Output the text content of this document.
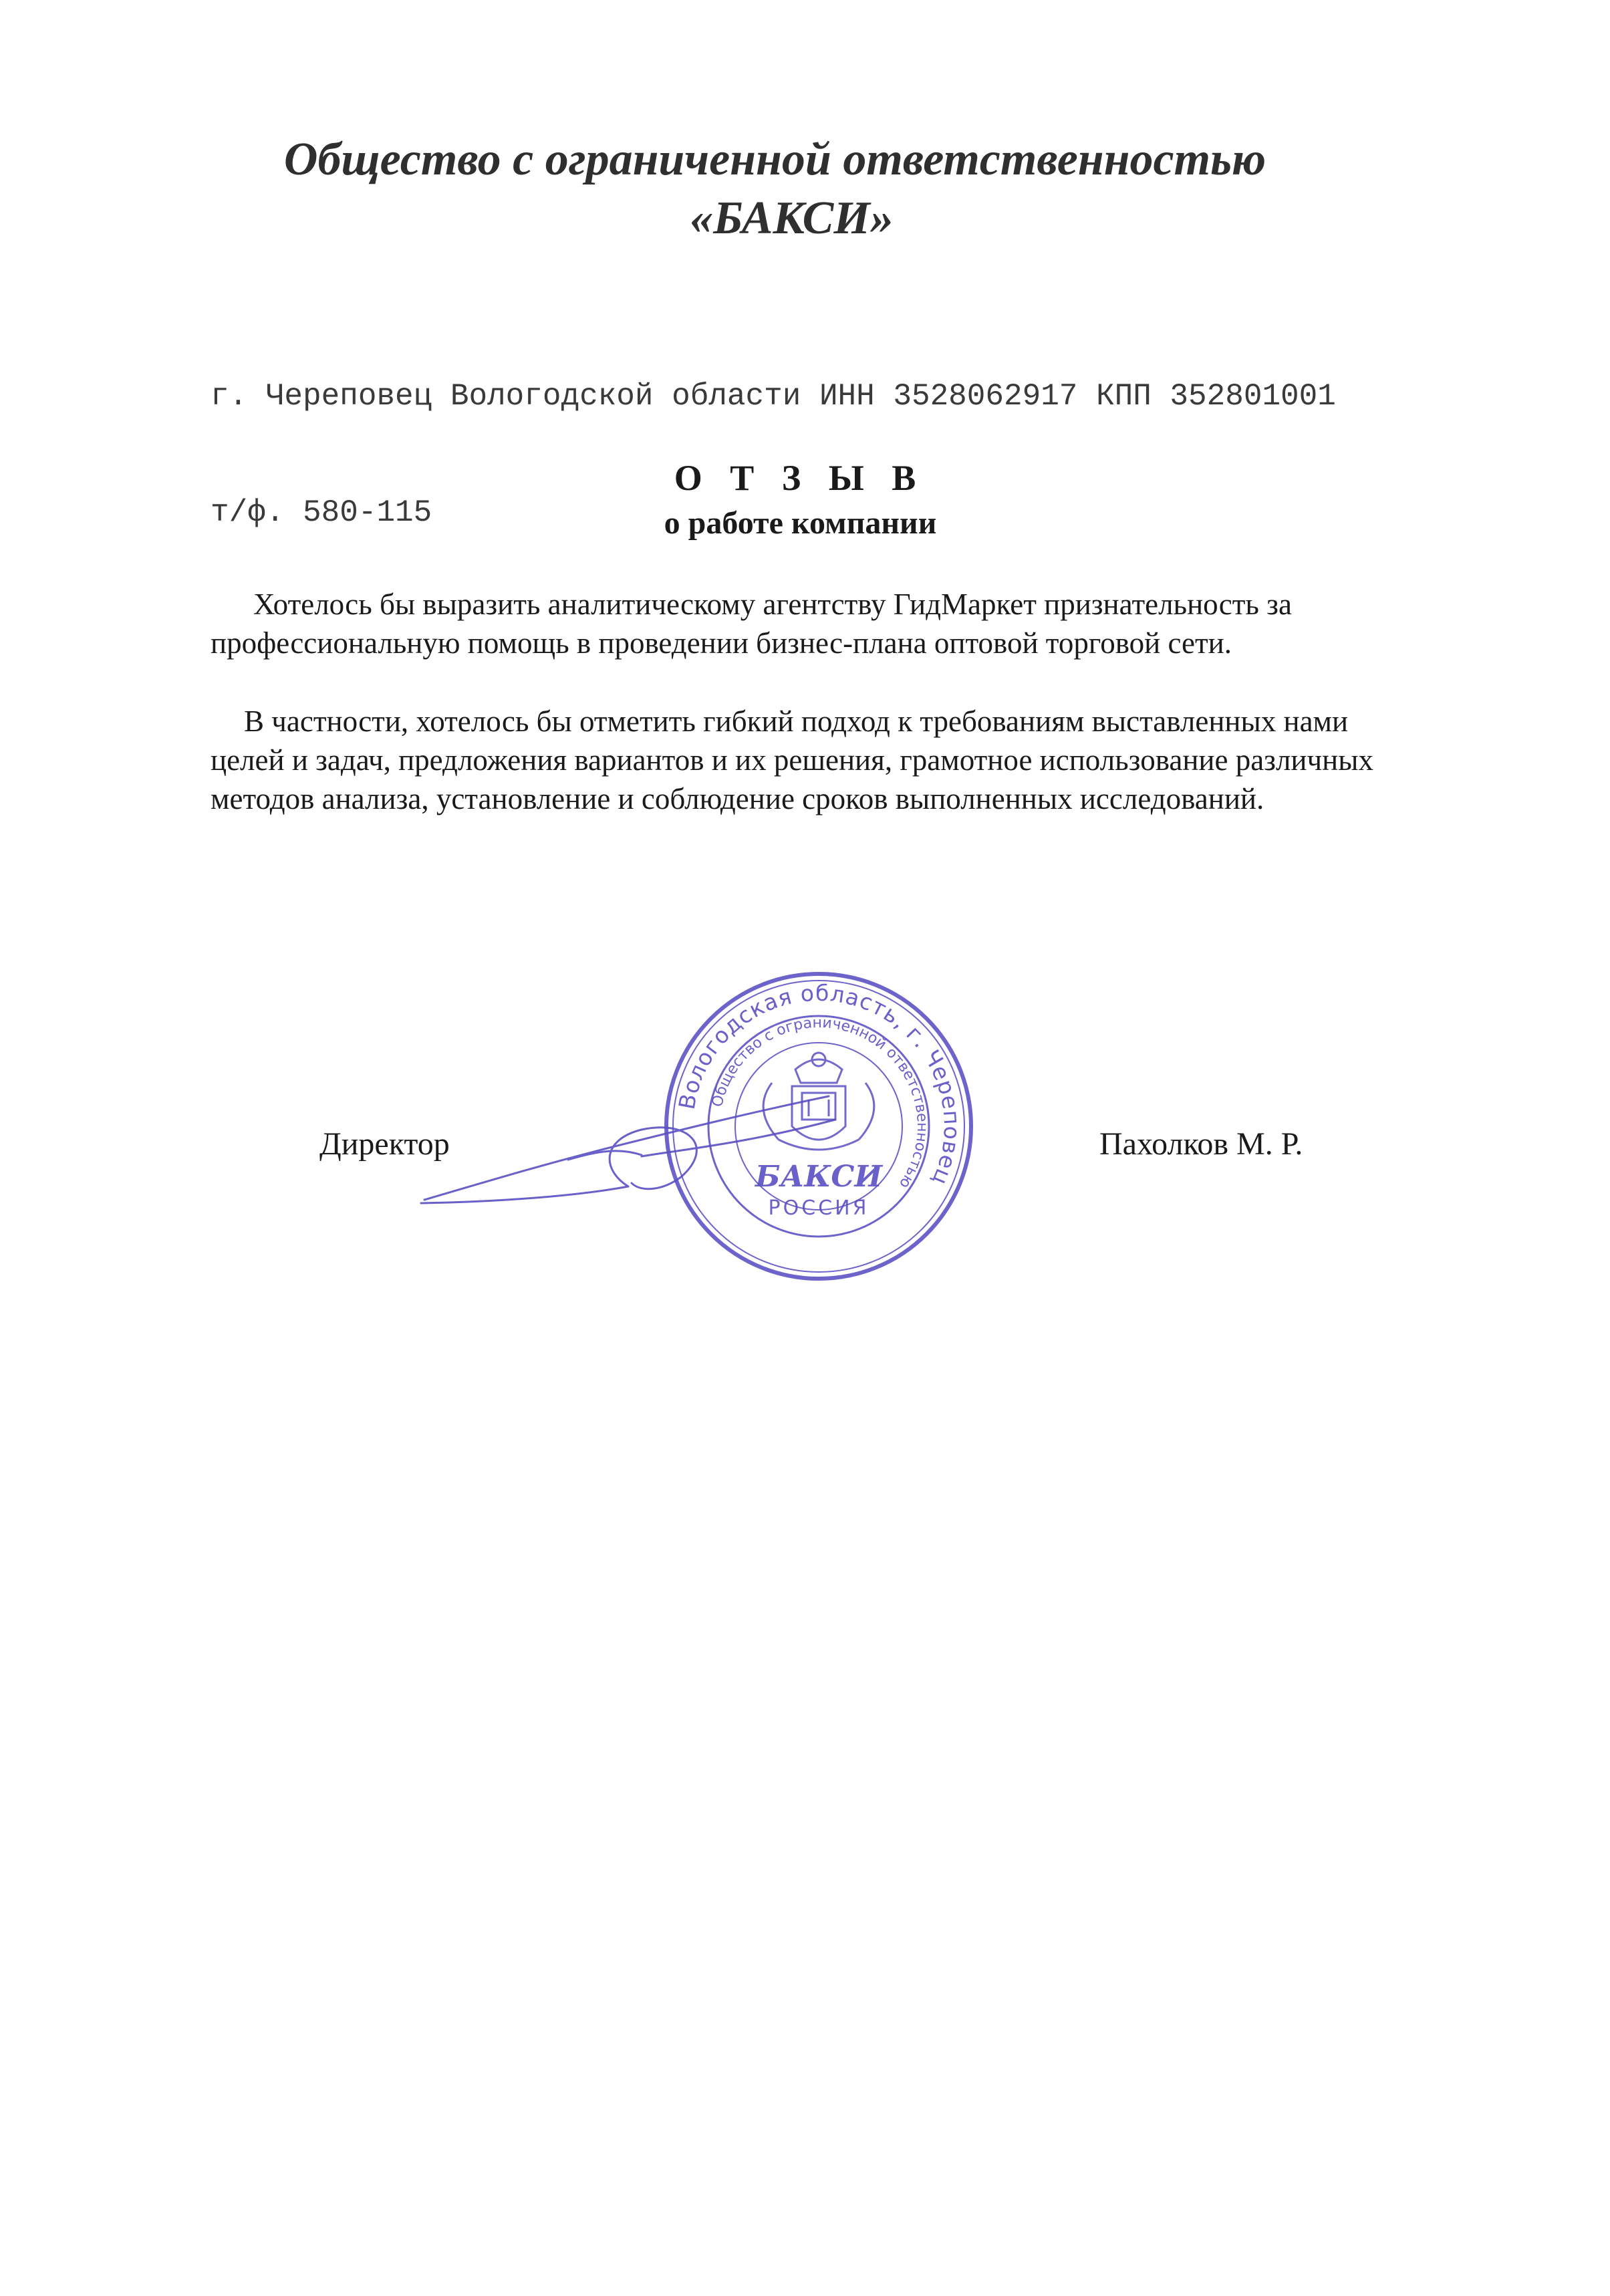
Общество с ограниченной ответственностью
«БАКСИ»

г. Череповец Вологодской области ИНН 3528062917 КПП 352801001

т/ф. 580-115

О Т З Ы В
о работе компании
Хотелось бы выразить аналитическому агентству ГидМаркет признательность за
профессиональную помощь в проведении бизнес-плана оптовой торговой сети.
В частности, хотелось бы отметить гибкий подход к требованиям выставленных нами
целей и задач, предложения вариантов и их решения, грамотное использование различных
методов анализа, установление и соблюдение сроков выполненных исследований.
Директор	Пахолков М. Р.
Вологодская область, г. Череповец
Общество с ограниченной ответственностью
БАКСИ
РОССИЯ
